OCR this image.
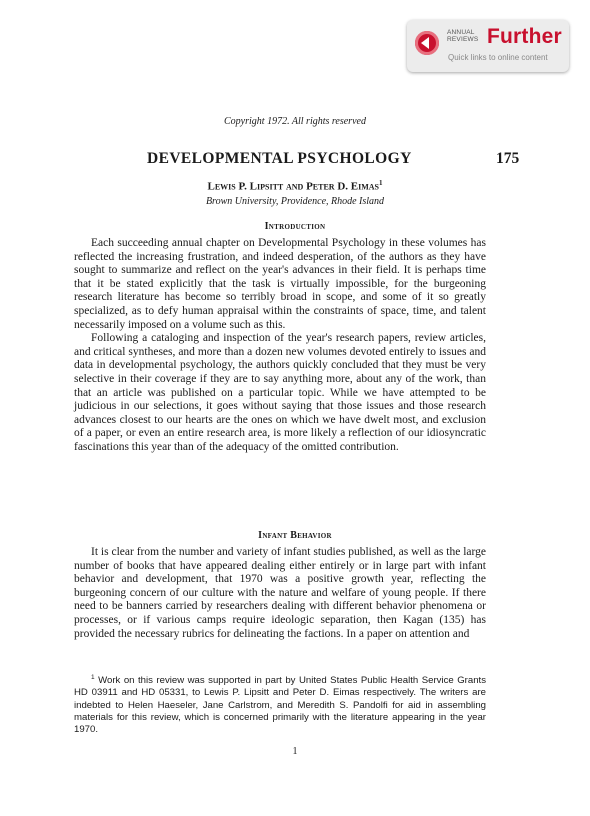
ANNUAL
REVIEWS Further
Quick links to online content
Copyright 1972. All rights reserved
DEVELOPMENTAL PSYCHOLOGY	175
Lewis P. Lipsitt and Peter D. Eimas$^1$
Brown University, Providence, Rhode Island
Introduction

Each succeeding annual chapter on Developmental Psychology in these volumes has reflected the increasing frustration, and indeed desperation, of the authors as they have sought to summarize and reflect on the year's advances in their field. It is perhaps time that it be stated explicitly that the task is virtually impossible, for the burgeoning research literature has become so terribly broad in scope, and some of it so greatly specialized, as to defy human appraisal within the constraints of space, time, and talent necessarily imposed on a volume such as this.

Following a cataloging and inspection of the year's research papers, review articles, and critical syntheses, and more than a dozen new volumes devoted entirely to issues and data in developmental psychology, the authors quickly concluded that they must be very selective in their coverage if they are to say anything more, about any of the work, than that an article was published on a particular topic. While we have attempted to be judicious in our selections, it goes without saying that those issues and those research advances closest to our hearts are the ones on which we have dwelt most, and exclusion of a paper, or even an entire research area, is more likely a reflection of our idiosyncratic fascinations this year than of the adequacy of the omitted contribution.

Infant Behavior

It is clear from the number and variety of infant studies published, as well as the large number of books that have appeared dealing either entirely or in large part with infant behavior and development, that 1970 was a positive growth year, reflecting the burgeoning concern of our culture with the nature and welfare of young people. If there need to be banners carried by researchers dealing with different behavior phenomena or processes, or if various camps require ideologic separation, then Kagan (135) has provided the necessary rubrics for delineating the factions. In a paper on attention and

$^1$ Work on this review was supported in part by United States Public Health Service Grants HD 03911 and HD 05331, to Lewis P. Lipsitt and Peter D. Eimas respectively. The writers are indebted to Helen Haeseler, Jane Carlstrom, and Meredith S. Pandolfi for aid in assembling materials for this review, which is concerned primarily with the literature appearing in the year 1970.
1
